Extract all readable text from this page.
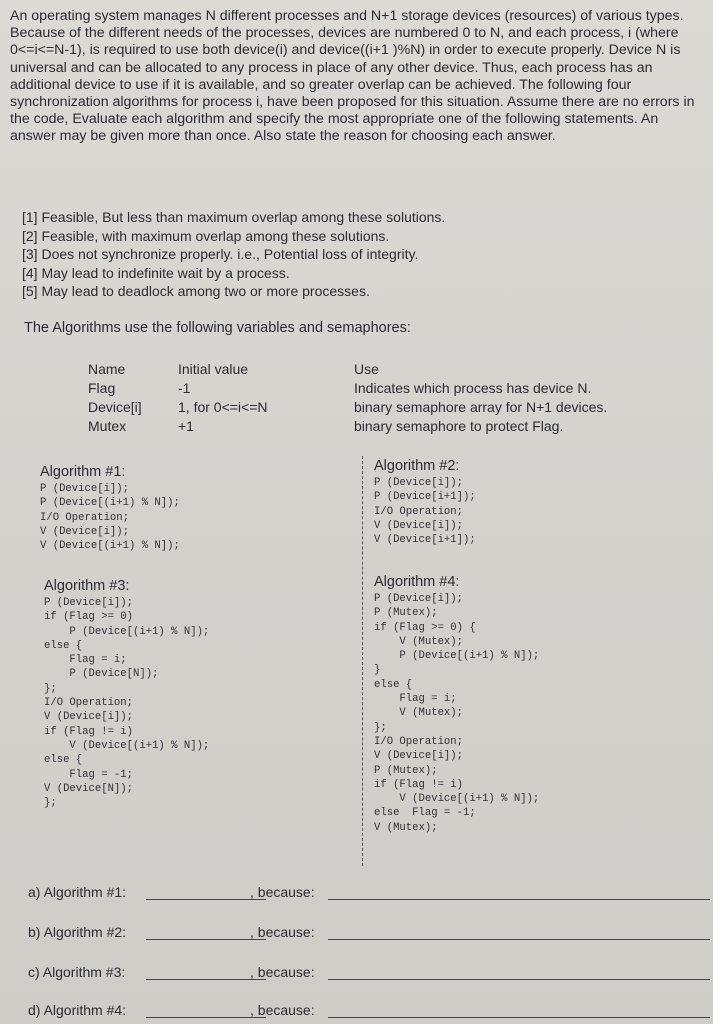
An operating system manages N different processes and N+1 storage devices (resources) of various types. Because of the different needs of the processes, devices are numbered 0 to N, and each process, i (where 0<=i<=N-1), is required to use both device(i) and device((i+1 )%N) in order to execute properly. Device N is universal and can be allocated to any process in place of any other device. Thus, each process has an additional device to use if it is available, and so greater overlap can be achieved. The following four synchronization algorithms for process i, have been proposed for this situation. Assume there are no errors in the code, Evaluate each algorithm and specify the most appropriate one of the following statements. An answer may be given more than once. Also state the reason for choosing each answer.

[1] Feasible, But less than maximum overlap among these solutions.
[2] Feasible, with maximum overlap among these solutions.
[3] Does not synchronize properly. i.e., Potential loss of integrity.
[4] May lead to indefinite wait by a process.
[5] May lead to deadlock among two or more processes.
The Algorithms use the following variables and semaphores:
Name	Initial value	Use
Flag	-1	Indicates which process has device N.
Device[i]	1, for 0<=i<=N	binary semaphore array for N+1 devices.
Mutex	+1	binary semaphore to protect Flag.
Algorithm #1:
P (Device[i]);
P (Device[(i+1) % N]);
I/O Operation;
V (Device[i]);
V (Device[(i+1) % N]);
Algorithm #2:
P (Device[i]);
P (Device[i+1]);
I/O Operation;
V (Device[i]);
V (Device[i+1]);
Algorithm #3:
P (Device[i]);
if (Flag >= 0)
P (Device[(i+1) % N]);
else {
Flag = i;
P (Device[N]);
};
I/O Operation;
V (Device[i]);
if (Flag != i)
V (Device[(i+1) % N]);
else {
Flag = -1;
V (Device[N]);
};
Algorithm #4:
P (Device[i]);
P (Mutex);
if (Flag >= 0) {
V (Mutex);
P (Device[(i+1) % N]);
}
else {
Flag = i;
V (Mutex);
};
I/O Operation;
V (Device[i]);
P (Mutex);
if (Flag != i)
V (Device[(i+1) % N]);
else  Flag = -1;
V (Mutex);
a) Algorithm #1:	, because:
b) Algorithm #2:	, because:
c) Algorithm #3:	, because:
d) Algorithm #4:	, because:
